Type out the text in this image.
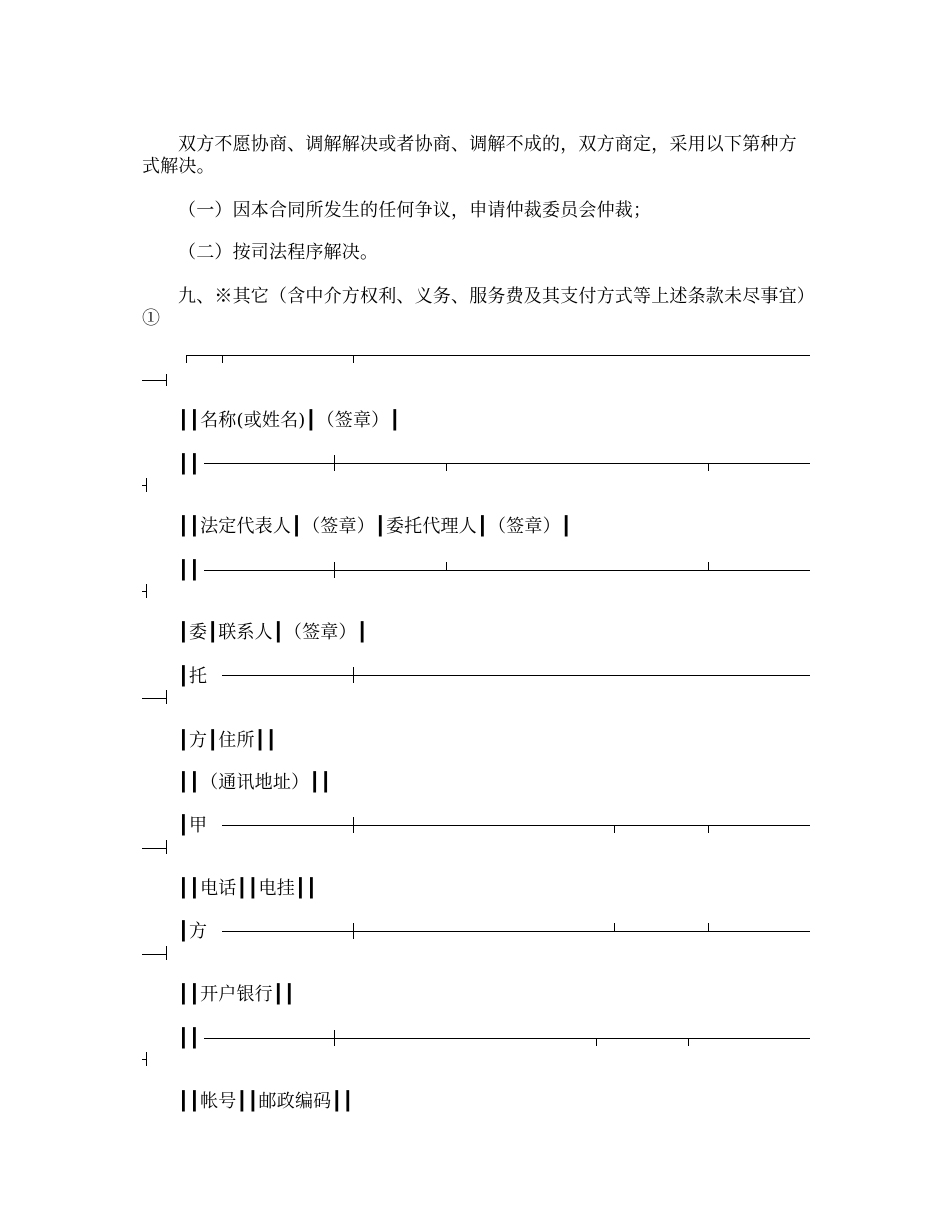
双方不愿协商、调解解决或者协商、调解不成的，双方商定，采用以下第种方式解决。
（一）因本合同所发生的任何争议，申请仲裁委员会仲裁；
（二）按司法程序解决。
九、※其它（含中介方权利、义务、服务费及其支付方式等上述条款未尽事宜）①
┃┃名称(或姓名)┃（签章）┃
┃┃
┃┃法定代表人┃（签章）┃委托代理人┃（签章）┃
┃┃
┃委┃联系人┃（签章）┃
┃托
┃方┃住所┃┃
┃┃（通讯地址）┃┃
┃甲
┃┃电话┃┃电挂┃┃
┃方
┃┃开户银行┃┃
┃┃
┃┃帐号┃┃邮政编码┃┃
